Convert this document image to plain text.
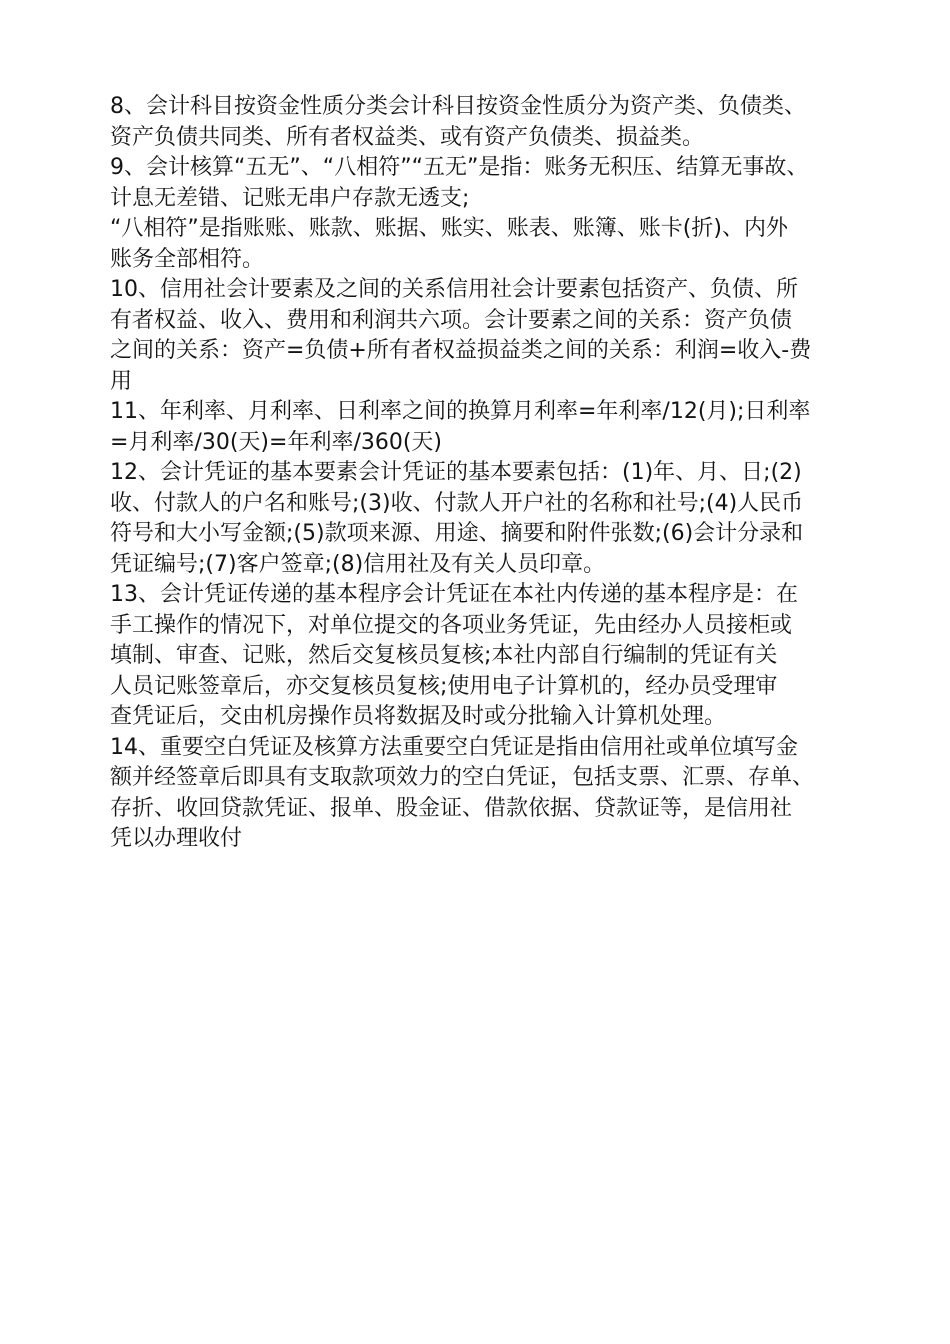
8、会计科目按资金性质分类会计科目按资金性质分为资产类、负债类、
资产负债共同类、所有者权益类、或有资产负债类、损益类。
9、会计核算“五无”、“八相符”“五无”是指：账务无积压、结算无事故、
计息无差错、记账无串户存款无透支;
“八相符”是指账账、账款、账据、账实、账表、账簿、账卡(折)、内外
账务全部相符。
10、信用社会计要素及之间的关系信用社会计要素包括资产、负债、所
有者权益、收入、费用和利润共六项。会计要素之间的关系：资产负债
之间的关系：资产=负债+所有者权益损益类之间的关系：利润=收入-费
用
11、年利率、月利率、日利率之间的换算月利率=年利率/12(月);日利率
=月利率/30(天)=年利率/360(天)
12、会计凭证的基本要素会计凭证的基本要素包括：(1)年、月、日;(2)
收、付款人的户名和账号;(3)收、付款人开户社的名称和社号;(4)人民币
符号和大小写金额;(5)款项来源、用途、摘要和附件张数;(6)会计分录和
凭证编号;(7)客户签章;(8)信用社及有关人员印章。
13、会计凭证传递的基本程序会计凭证在本社内传递的基本程序是：在
手工操作的情况下，对单位提交的各项业务凭证，先由经办人员接柜或
填制、审查、记账，然后交复核员复核;本社内部自行编制的凭证有关
人员记账签章后，亦交复核员复核;使用电子计算机的，经办员受理审
查凭证后，交由机房操作员将数据及时或分批输入计算机处理。
14、重要空白凭证及核算方法重要空白凭证是指由信用社或单位填写金
额并经签章后即具有支取款项效力的空白凭证，包括支票、汇票、存单、
存折、收回贷款凭证、报单、股金证、借款依据、贷款证等，是信用社
凭以办理收付
